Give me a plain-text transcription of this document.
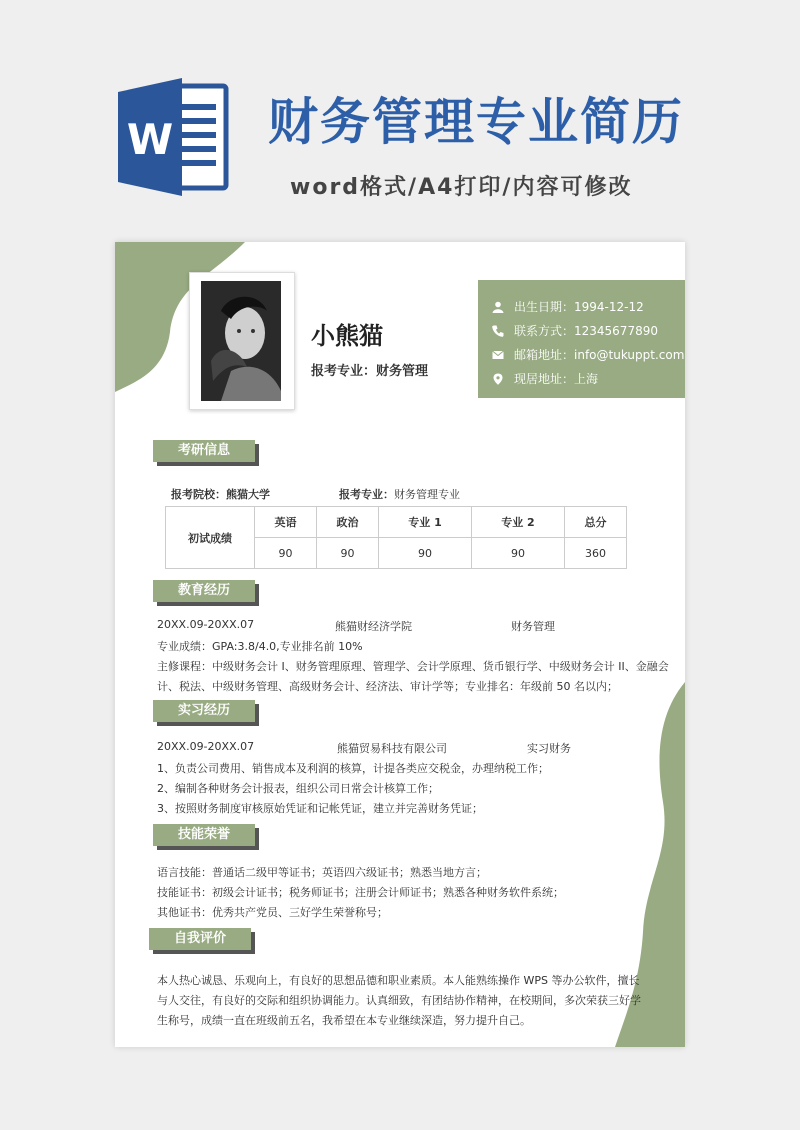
W 财务管理专业简历
word格式/A4打印/内容可修改
小熊猫
报考专业：财务管理
出生日期：1994-12-12
联系方式：12345677890
邮箱地址：info@tukuppt.com
现居地址：上海
考研信息
报考院校：熊猫大学	报考专业：财务管理专业
初试成绩	英语	政治	专业 1	专业 2	总分
	90	90	90	90	360
教育经历
20XX.09-20XX.07	熊猫财经济学院	财务管理
专业成绩：GPA:3.8/4.0,专业排名前 10%
主修课程：中级财务会计 I、财务管理原理、管理学、会计学原理、货币银行学、中级财务会计 II、金融会
计、税法、中级财务管理、高级财务会计、经济法、审计学等；专业排名：年级前 50 名以内；
实习经历
20XX.09-20XX.07	熊猫贸易科技有限公司	实习财务
1、负责公司费用、销售成本及利润的核算，计提各类应交税金，办理纳税工作；
2、编制各种财务会计报表，组织公司日常会计核算工作；
3、按照财务制度审核原始凭证和记帐凭证，建立并完善财务凭证；
技能荣誉
语言技能：普通话二级甲等证书；英语四六级证书；熟悉当地方言；
技能证书：初级会计证书；税务师证书；注册会计师证书；熟悉各种财务软件系统；
其他证书：优秀共产党员、三好学生荣誉称号；
自我评价
本人热心诚恳、乐观向上，有良好的思想品德和职业素质。本人能熟练操作 WPS 等办公软件，擅长
与人交往，有良好的交际和组织协调能力。认真细致，有团结协作精神，在校期间，多次荣获三好学
生称号，成绩一直在班级前五名，我希望在本专业继续深造，努力提升自己。
